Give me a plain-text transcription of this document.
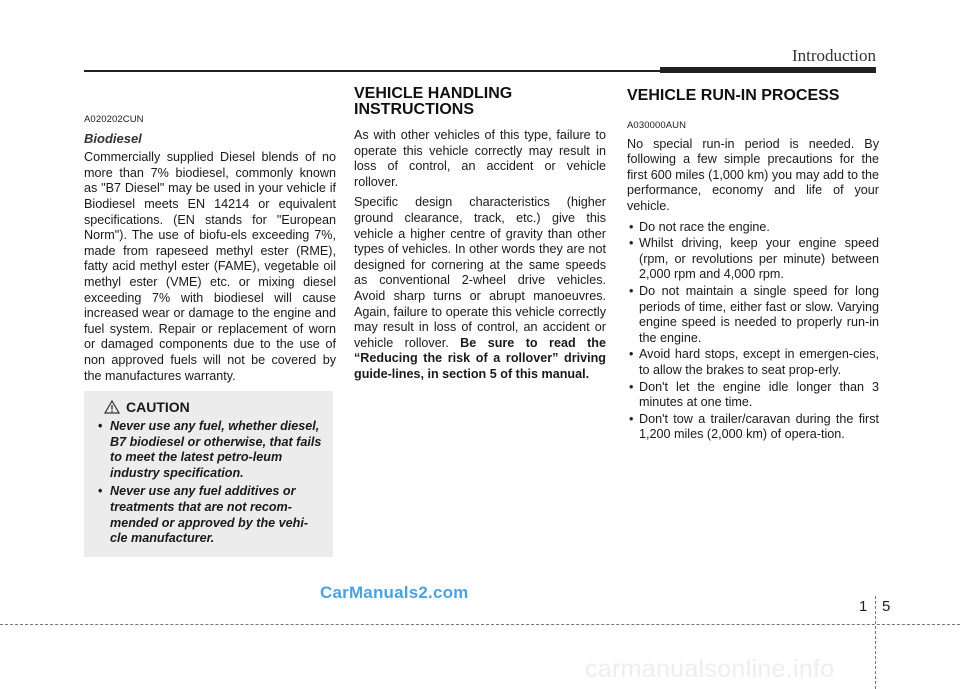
Introduction
A020202CUN
Biodiesel

Commercially supplied Diesel blends of no more than 7% biodiesel, commonly known as "B7 Diesel" may be used in your vehicle if Biodiesel meets EN 14214 or equivalent specifications. (EN stands for "European Norm"). The use of biofu-els exceeding 7%, made from rapeseed methyl ester (RME), fatty acid methyl ester (FAME), vegetable oil methyl ester (VME) etc. or mixing diesel exceeding 7% with biodiesel will cause increased wear or damage to the engine and fuel system. Repair or replacement of worn or damaged components due to the use of non approved fuels will not be covered by the manufactures warranty.

CAUTION
• Never use any fuel, whether diesel, B7 biodiesel or otherwise, that fails to meet the latest petro-leum industry specification.
• Never use any fuel additives or treatments that are not recom-mended or approved by the vehi-cle manufacturer.
VEHICLE HANDLING INSTRUCTIONS

As with other vehicles of this type, failure to operate this vehicle correctly may result in loss of control, an accident or vehicle rollover.

Specific design characteristics (higher ground clearance, track, etc.) give this vehicle a higher centre of gravity than other types of vehicles. In other words they are not designed for cornering at the same speeds as conventional 2-wheel drive vehicles. Avoid sharp turns or abrupt manoeuvres. Again, failure to operate this vehicle correctly may result in loss of control, an accident or vehicle rollover. Be sure to read the “Reducing the risk of a rollover” driving guide-lines, in section 5 of this manual.

VEHICLE RUN-IN PROCESS
A030000AUN

No special run-in period is needed. By following a few simple precautions for the first 600 miles (1,000 km) you may add to the performance, economy and life of your vehicle.

• Do not race the engine.
• Whilst driving, keep your engine speed (rpm, or revolutions per minute) between 2,000 rpm and 4,000 rpm.
• Do not maintain a single speed for long periods of time, either fast or slow. Varying engine speed is needed to properly run-in the engine.
• Avoid hard stops, except in emergen-cies, to allow the brakes to seat prop-erly.
• Don't let the engine idle longer than 3 minutes at one time.
• Don't tow a trailer/caravan during the first 1,200 miles (2,000 km) of opera-tion.
CarManuals2.com
1 5
carmanualsonline.info
